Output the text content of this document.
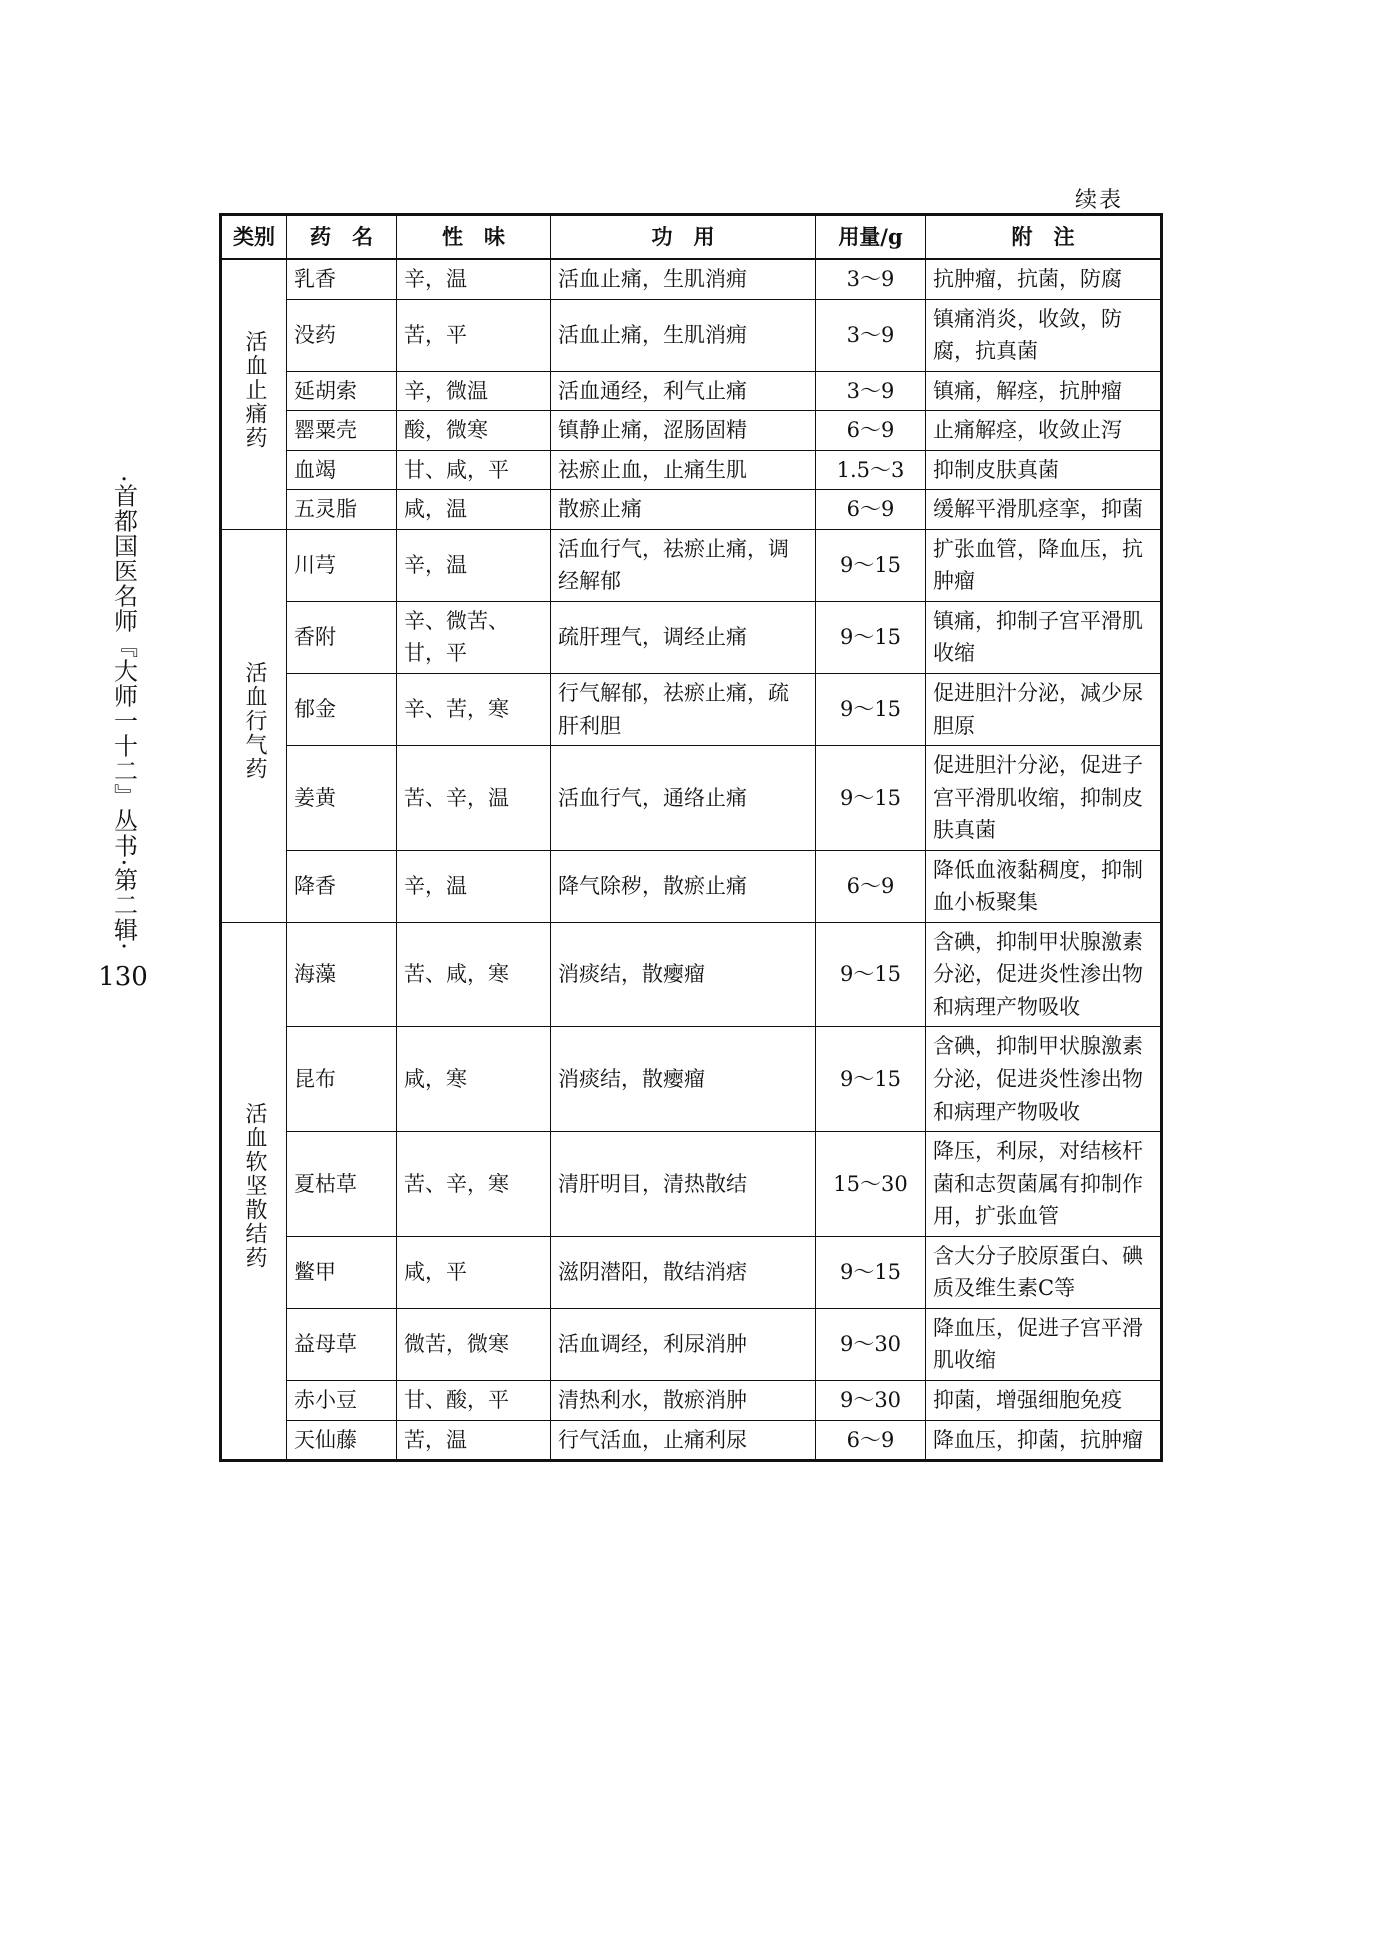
·首都国医名师『大师一十二』丛书·第二辑·
130
续表
类别	药　名	性　味	功　用	用量/g	附　注
活血止痛药	乳香	辛，温	活血止痛，生肌消痈	3～9	抗肿瘤，抗菌，防腐
	没药	苦，平	活血止痛，生肌消痈	3～9	镇痛消炎，收敛，防腐，抗真菌
	延胡索	辛，微温	活血通经，利气止痛	3～9	镇痛，解痉，抗肿瘤
	罂粟壳	酸，微寒	镇静止痛，涩肠固精	6～9	止痛解痉，收敛止泻
	血竭	甘、咸，平	祛瘀止血，止痛生肌	1.5～3	抑制皮肤真菌
	五灵脂	咸，温	散瘀止痛	6～9	缓解平滑肌痉挛，抑菌
活血行气药	川芎	辛，温	活血行气，祛瘀止痛，调经解郁	9～15	扩张血管，降血压，抗肿瘤
	香附	辛、微苦、甘，平	疏肝理气，调经止痛	9～15	镇痛，抑制子宫平滑肌收缩
	郁金	辛、苦，寒	行气解郁，祛瘀止痛，疏肝利胆	9～15	促进胆汁分泌，减少尿胆原
	姜黄	苦、辛，温	活血行气，通络止痛	9～15	促进胆汁分泌，促进子宫平滑肌收缩，抑制皮肤真菌
	降香	辛，温	降气除秽，散瘀止痛	6～9	降低血液黏稠度，抑制血小板聚集
活血软坚散结药	海藻	苦、咸，寒	消痰结，散瘿瘤	9～15	含碘，抑制甲状腺激素分泌，促进炎性渗出物和病理产物吸收
	昆布	咸，寒	消痰结，散瘿瘤	9～15	含碘，抑制甲状腺激素分泌，促进炎性渗出物和病理产物吸收
	夏枯草	苦、辛，寒	清肝明目，清热散结	15～30	降压，利尿，对结核杆菌和志贺菌属有抑制作用，扩张血管
	鳖甲	咸，平	滋阴潜阳，散结消痞	9～15	含大分子胶原蛋白、碘质及维生素C等
	益母草	微苦，微寒	活血调经，利尿消肿	9～30	降血压，促进子宫平滑肌收缩
	赤小豆	甘、酸，平	清热利水，散瘀消肿	9～30	抑菌，增强细胞免疫
	天仙藤	苦，温	行气活血，止痛利尿	6～9	降血压，抑菌，抗肿瘤
